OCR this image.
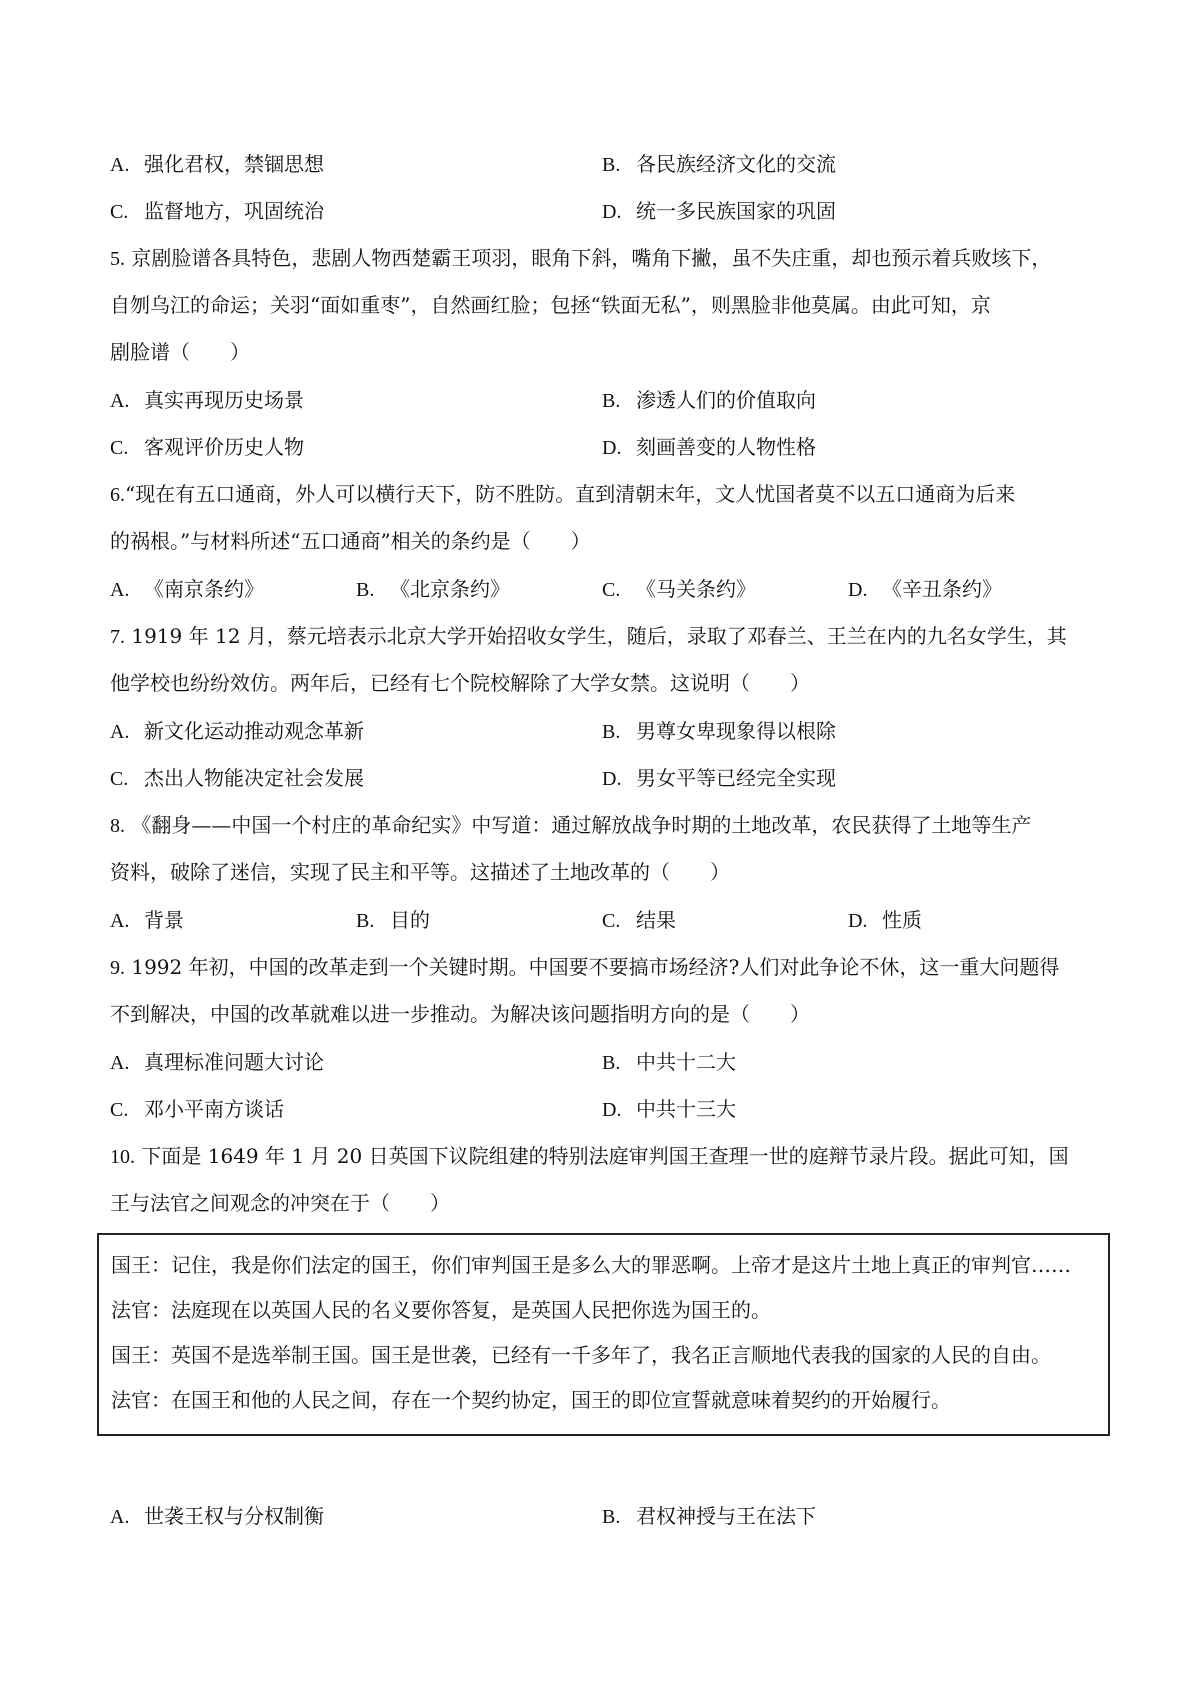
A. 强化君权，禁锢思想	B. 各民族经济文化的交流
C. 监督地方，巩固统治	D. 统一多民族国家的巩固
5. 京剧脸谱各具特色，悲剧人物西楚霸王项羽，眼角下斜，嘴角下撇，虽不失庄重，却也预示着兵败垓下，
自刎乌江的命运；关羽“面如重枣”，自然画红脸；包拯“铁面无私”，则黑脸非他莫属。由此可知，京
剧脸谱（　　）
A. 真实再现历史场景	B. 渗透人们的价值取向
C. 客观评价历史人物	D. 刻画善变的人物性格
6.“现在有五口通商，外人可以横行天下，防不胜防。直到清朝末年，文人忧国者莫不以五口通商为后来
的祸根。”与材料所述“五口通商”相关的条约是（　　）
A. 《南京条约》	B. 《北京条约》	C. 《马关条约》	D. 《辛丑条约》
7. 1919 年 12 月，蔡元培表示北京大学开始招收女学生，随后，录取了邓春兰、王兰在内的九名女学生，其
他学校也纷纷效仿。两年后，已经有七个院校解除了大学女禁。这说明（　　）
A. 新文化运动推动观念革新	B. 男尊女卑现象得以根除
C. 杰出人物能决定社会发展	D. 男女平等已经完全实现
8. 《翻身——中国一个村庄的革命纪实》中写道：通过解放战争时期的土地改革，农民获得了土地等生产
资料，破除了迷信，实现了民主和平等。这描述了土地改革的（　　）
A. 背景	B. 目的	C. 结果	D. 性质
9. 1992 年初，中国的改革走到一个关键时期。中国要不要搞市场经济?人们对此争论不休，这一重大问题得
不到解决，中国的改革就难以进一步推动。为解决该问题指明方向的是（　　）
A. 真理标准问题大讨论	B. 中共十二大
C. 邓小平南方谈话	D. 中共十三大
10. 下面是 1649 年 1 月 20 日英国下议院组建的特别法庭审判国王查理一世的庭辩节录片段。据此可知，国
王与法官之间观念的冲突在于（　　）
国王：记住，我是你们法定的国王，你们审判国王是多么大的罪恶啊。上帝才是这片土地上真正的审判官……
法官：法庭现在以英国人民的名义要你答复，是英国人民把你选为国王的。
国王：英国不是选举制王国。国王是世袭，已经有一千多年了，我名正言顺地代表我的国家的人民的自由。
法官：在国王和他的人民之间，存在一个契约协定，国王的即位宣誓就意味着契约的开始履行。
A. 世袭王权与分权制衡	B. 君权神授与王在法下
